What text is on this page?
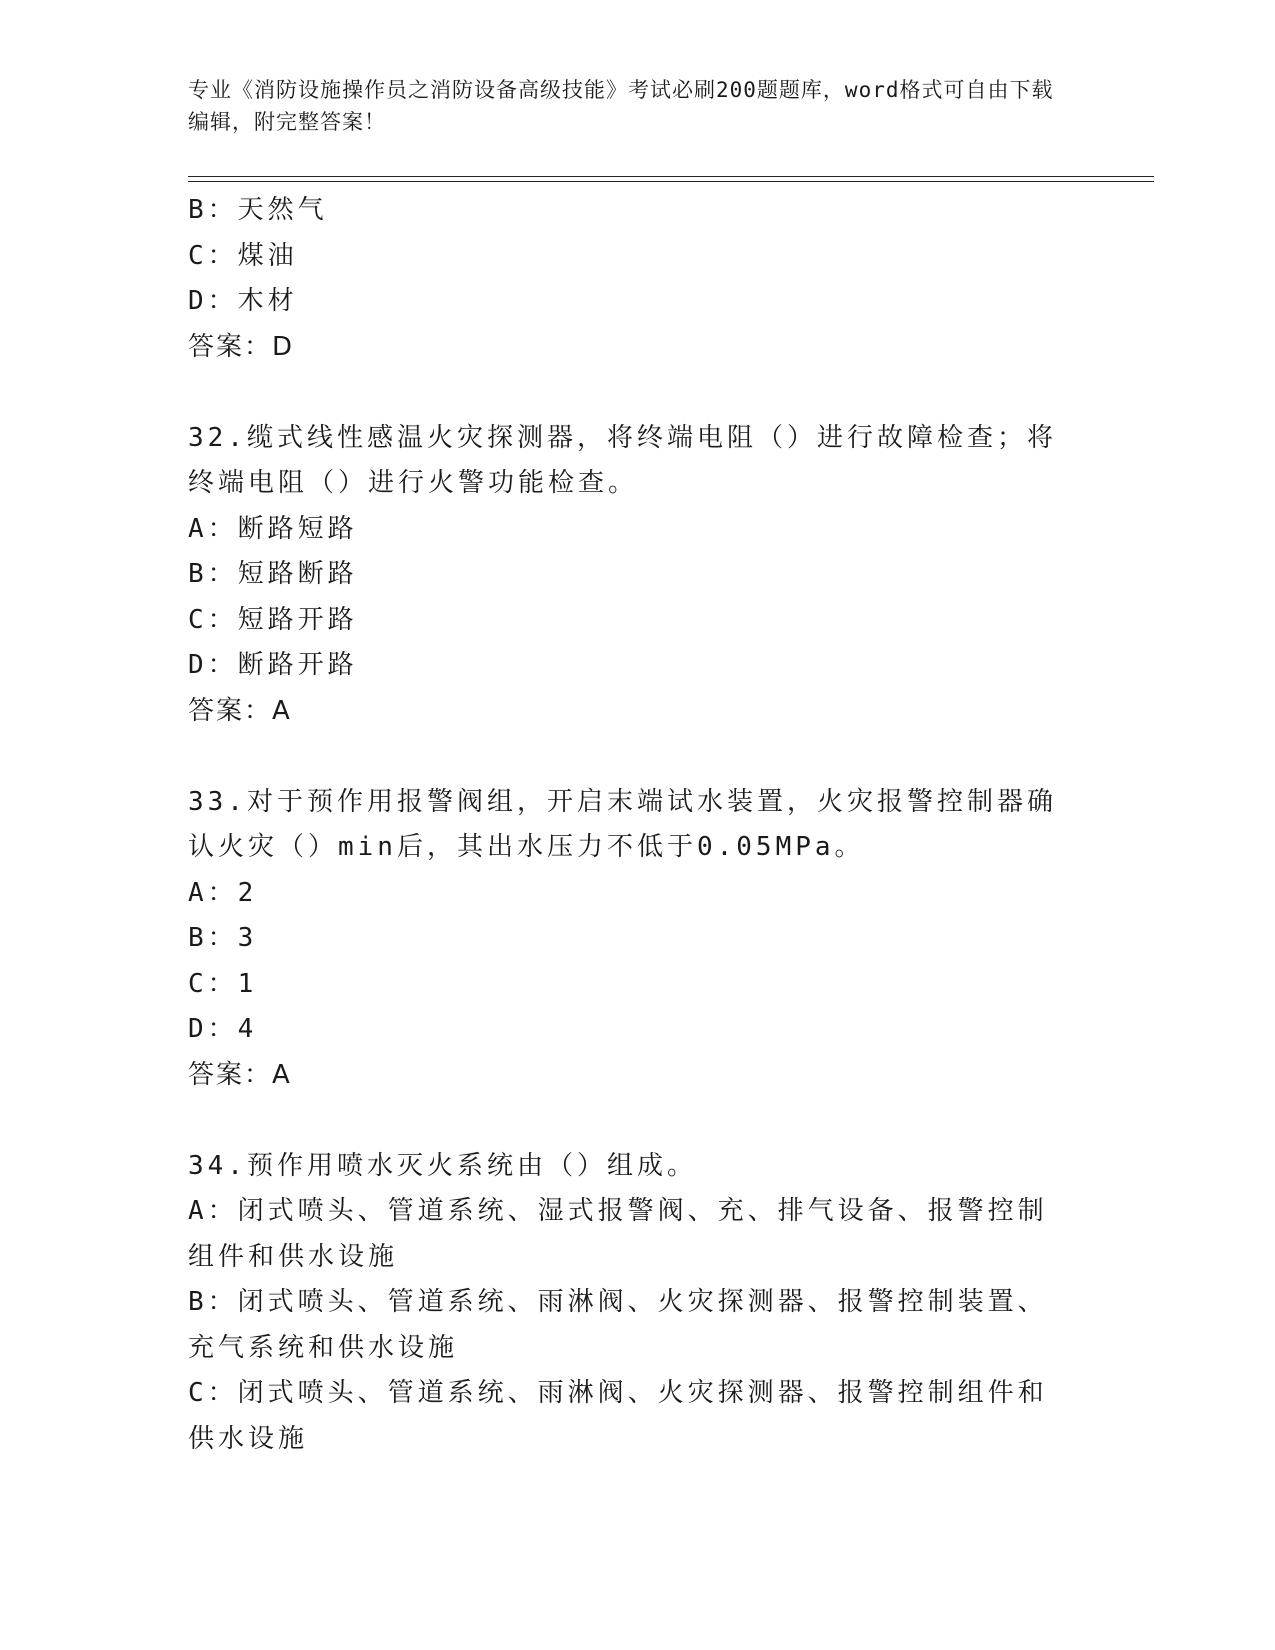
专业《消防设施操作员之消防设备高级技能》考试必刷200题题库，word格式可自由下载编辑，附完整答案！
B：天然气
C：煤油
D：木材
答案：D
32.缆式线性感温火灾探测器，将终端电阻（）进行故障检查；将终端电阻（）进行火警功能检查。
A：断路短路
B：短路断路
C：短路开路
D：断路开路
答案：A
33.对于预作用报警阀组，开启末端试水装置，火灾报警控制器确认火灾（）min后，其出水压力不低于0.05MPa。
A：2
B：3
C：1
D：4
答案：A
34.预作用喷水灭火系统由（）组成。
A：闭式喷头、管道系统、湿式报警阀、充、排气设备、报警控制组件和供水设施
B：闭式喷头、管道系统、雨淋阀、火灾探测器、报警控制装置、充气系统和供水设施
C：闭式喷头、管道系统、雨淋阀、火灾探测器、报警控制组件和供水设施
